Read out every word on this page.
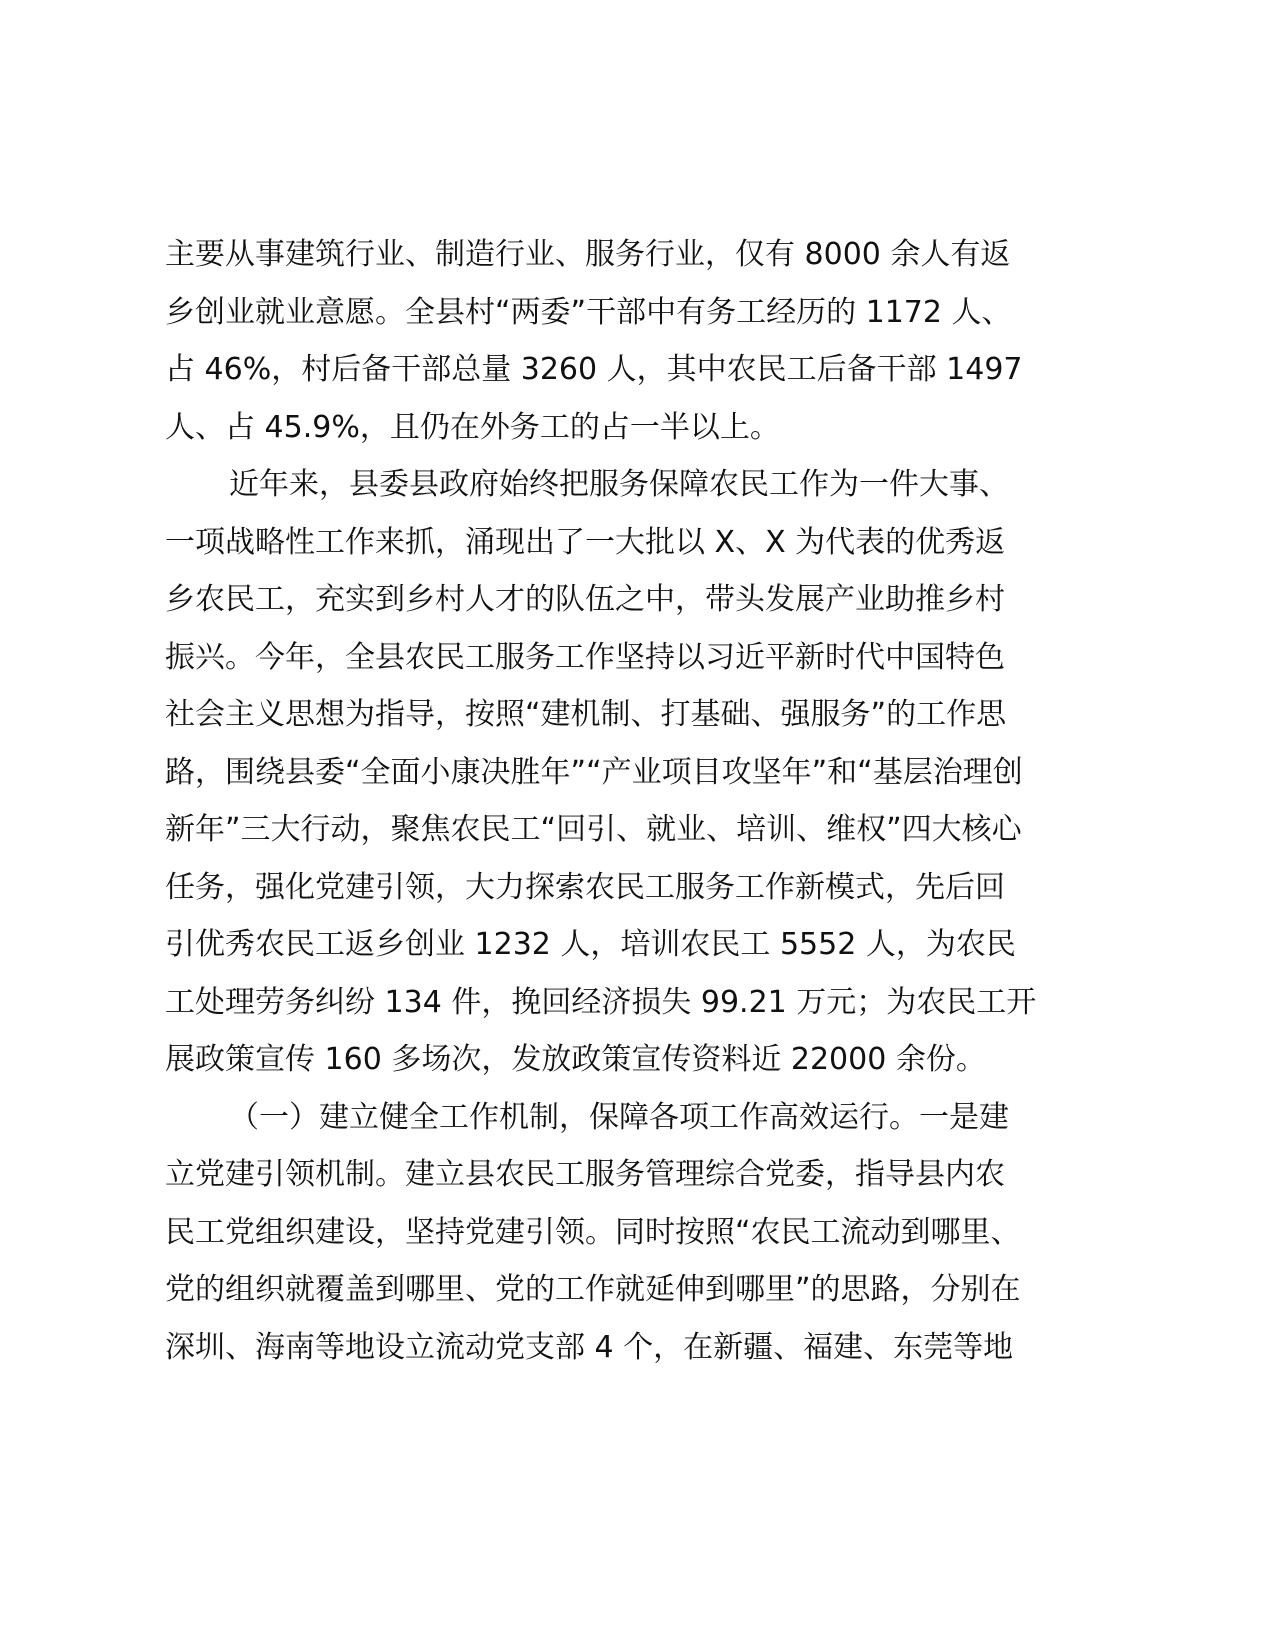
主要从事建筑行业、制造行业、服务行业，仅有 8000 余人有返
乡创业就业意愿。全县村“两委”干部中有务工经历的 1172 人、
占 46%，村后备干部总量 3260 人，其中农民工后备干部 1497
人、占 45.9%，且仍在外务工的占一半以上。
近年来，县委县政府始终把服务保障农民工作为一件大事、
一项战略性工作来抓，涌现出了一大批以 X、X 为代表的优秀返
乡农民工，充实到乡村人才的队伍之中，带头发展产业助推乡村
振兴。今年，全县农民工服务工作坚持以习近平新时代中国特色
社会主义思想为指导，按照“建机制、打基础、强服务”的工作思
路，围绕县委“全面小康决胜年”“产业项目攻坚年”和“基层治理创
新年”三大行动，聚焦农民工“回引、就业、培训、维权”四大核心
任务，强化党建引领，大力探索农民工服务工作新模式，先后回
引优秀农民工返乡创业 1232 人，培训农民工 5552 人，为农民
工处理劳务纠纷 134 件，挽回经济损失 99.21 万元；为农民工开
展政策宣传 160 多场次，发放政策宣传资料近 22000 余份。
（一）建立健全工作机制，保障各项工作高效运行。一是建
立党建引领机制。建立县农民工服务管理综合党委，指导县内农
民工党组织建设，坚持党建引领。同时按照“农民工流动到哪里、
党的组织就覆盖到哪里、党的工作就延伸到哪里”的思路，分别在
深圳、海南等地设立流动党支部 4 个，在新疆、福建、东莞等地
